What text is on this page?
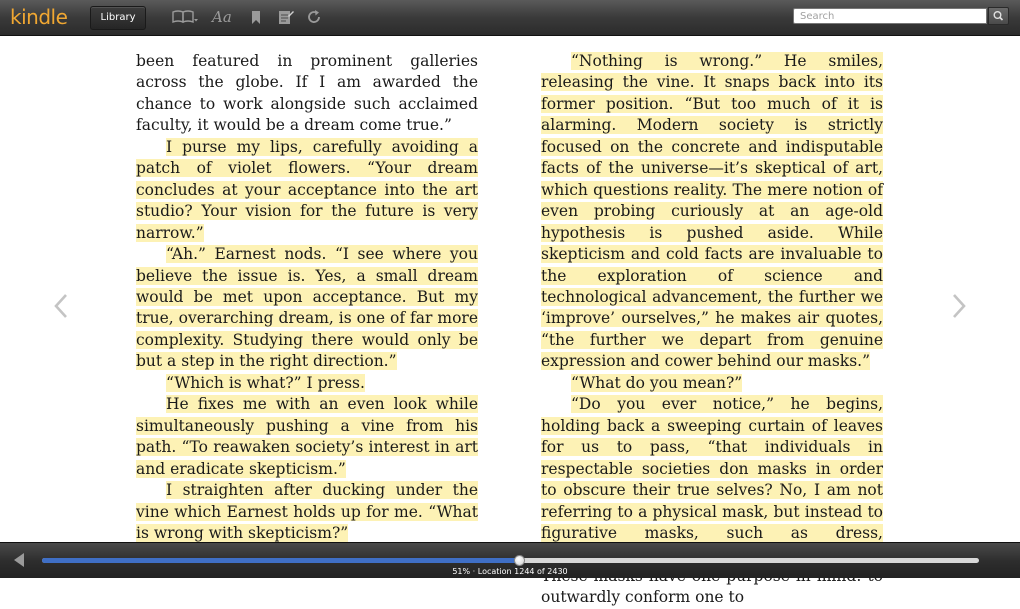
kindle	Library	Aa
Search

been featured in prominent galleries across the globe. If I am awarded the chance to work alongside such acclaimed faculty, it would be a dream come true.”

I purse my lips, carefully avoiding a patch of violet flowers. “Your dream concludes at your acceptance into the art studio? Your vision for the future is very narrow.”

“Ah.” Earnest nods. “I see where you believe the issue is. Yes, a small dream would be met upon acceptance. But my true, overarching dream, is one of far more complexity. Studying there would only be but a step in the right direction.”

“Which is what?” I press.

He fixes me with an even look while simultaneously pushing a vine from his path. “To reawaken society’s interest in art and eradicate skepticism.”

I straighten after ducking under the vine which Earnest holds up for me. “What is wrong with skepticism?”

“Nothing is wrong.” He smiles, releasing the vine. It snaps back into its former position. “But too much of it is alarming. Modern society is strictly focused on the concrete and indisputable facts of the universe—it’s skeptical of art, which questions reality. The mere notion of even probing curiously at an age-old hypothesis is pushed aside. While skepticism and cold facts are invaluable to the exploration of science and technological advancement, the further we ‘improve’ ourselves,” he makes air quotes, “the further we depart from genuine expression and cower behind our masks.”

“What do you mean?”

“Do you ever notice,” he begins, holding back a sweeping curtain of leaves for us to pass, “that individuals in respectable societies don masks in order to obscure their true selves? No, I am not referring to a physical mask, but instead to figurative masks, such as dress, outwardly conform one to

51% · Location 1244 of 2430
